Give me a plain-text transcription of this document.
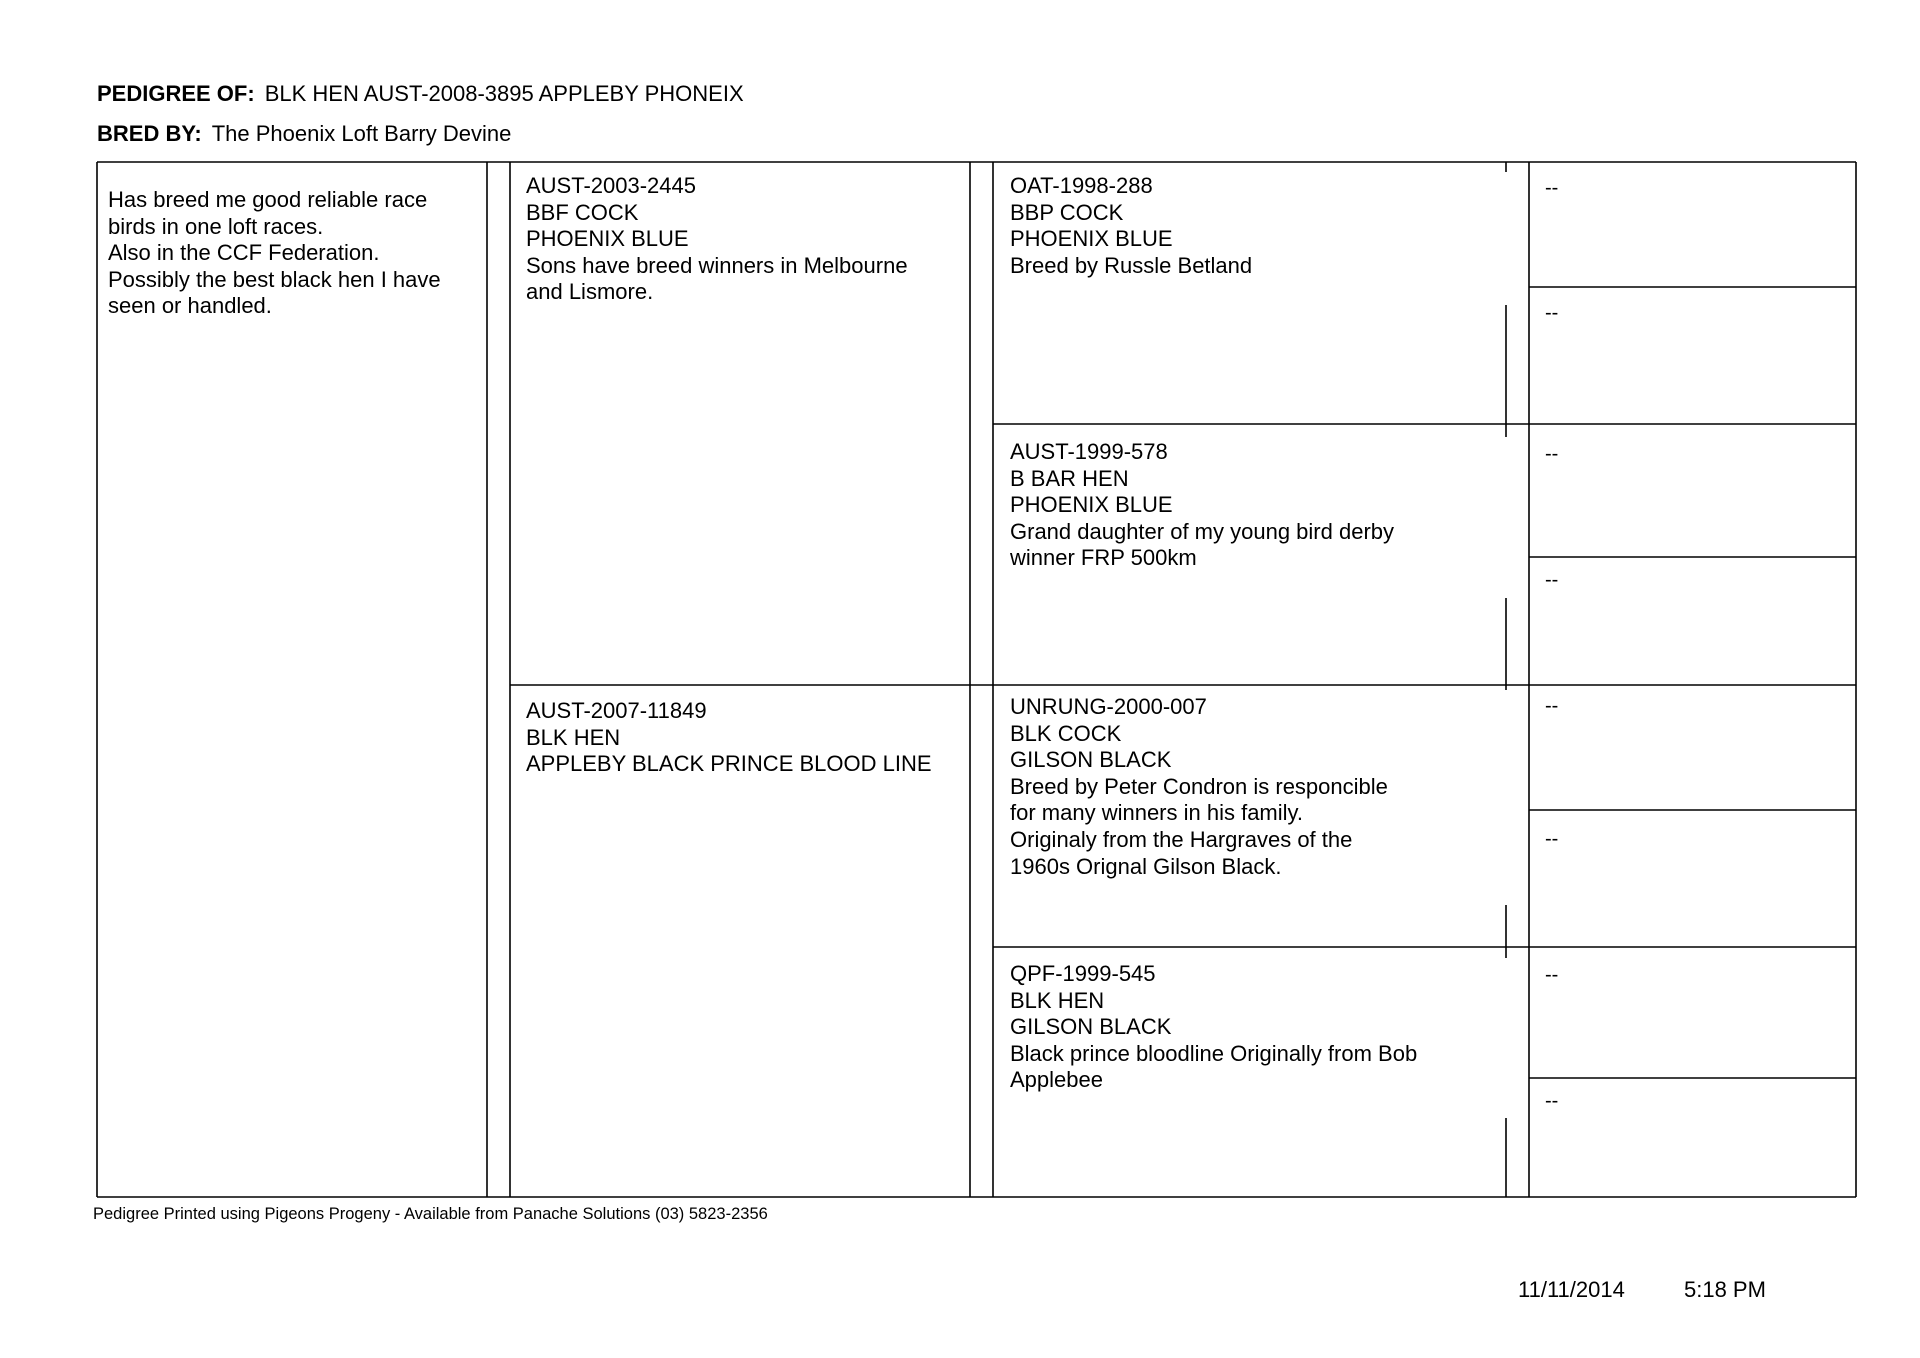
PEDIGREE OF: BLK HEN AUST-2008-3895 APPLEBY PHONEIX
BRED BY: The Phoenix Loft Barry Devine
Has breed me good reliable race
birds in one loft races.
Also in the CCF Federation.
Possibly the best black hen I have
seen or handled.
AUST-2003-2445
BBF COCK
PHOENIX BLUE
Sons have breed winners in Melbourne
and Lismore.
AUST-2007-11849
BLK HEN
APPLEBY BLACK PRINCE BLOOD LINE
OAT-1998-288
BBP COCK
PHOENIX BLUE
Breed by Russle Betland
AUST-1999-578
B BAR HEN
PHOENIX BLUE
Grand daughter of my young bird derby
winner FRP 500km
UNRUNG-2000-007
BLK COCK
GILSON BLACK
Breed by Peter Condron is responcible
for many winners in his family.
Originaly from the Hargraves of the
1960s Orignal Gilson Black.
QPF-1999-545
BLK HEN
GILSON BLACK
Black prince bloodline Originally from Bob
Applebee
--
--
--
--
--
--
--
--
Pedigree Printed using Pigeons Progeny - Available from Panache Solutions (03) 5823-2356
11/11/2014	5:18 PM
